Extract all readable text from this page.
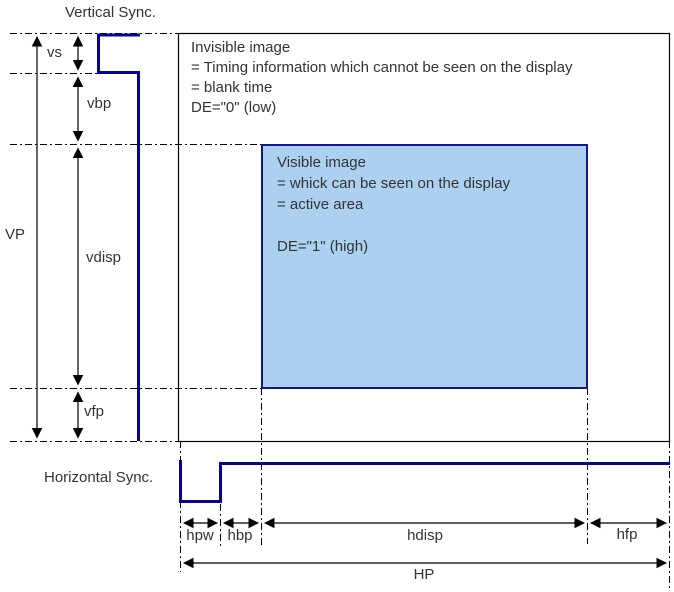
Vertical Sync.
Horizontal Sync.
vs
vbp
VP
vdisp
vfp
hpw hbp	hdisp	hfp
HP
Invisible image
= Timing information which cannot be seen on the display
= blank time
DE="0" (low)
Visible image
= whick can be seen on the display
= active area
DE="1" (high)
